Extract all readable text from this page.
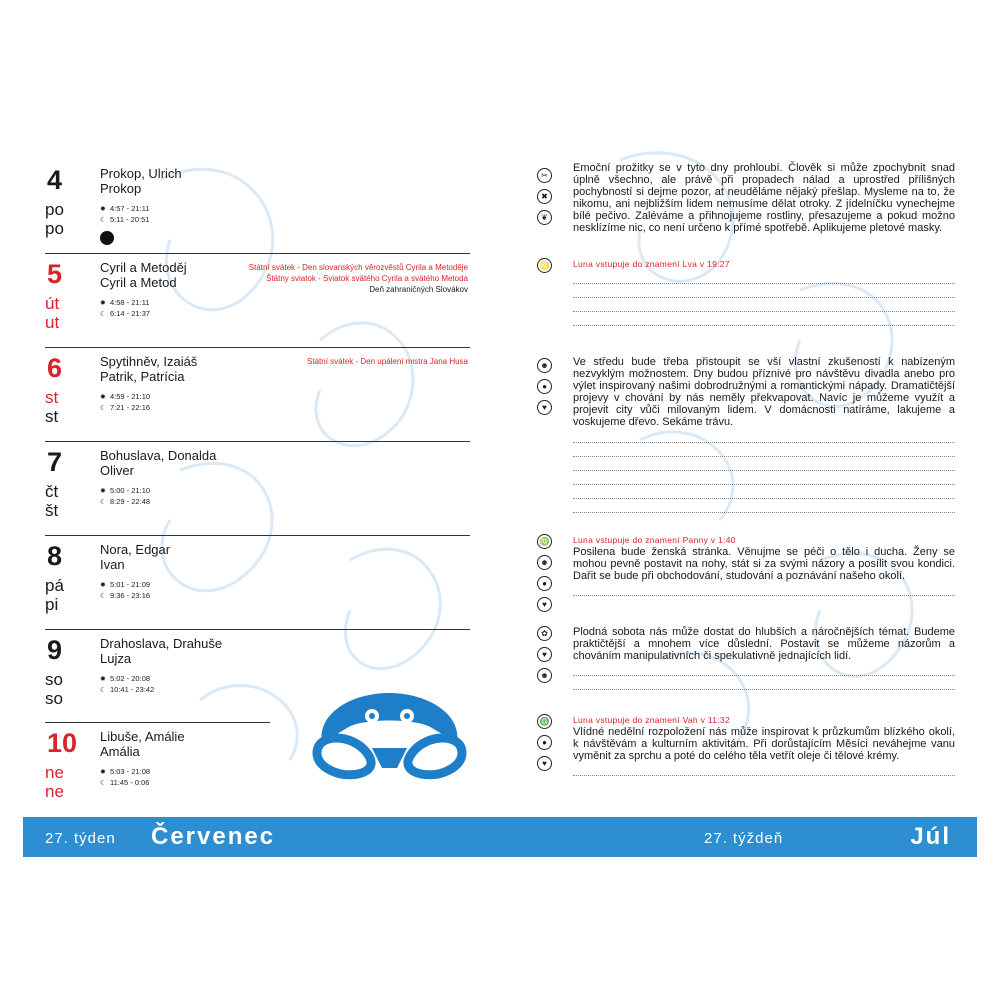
4
po
po
Prokop, Ulrich
Prokop
✹ 4:57 - 21:11
☾ 5:11 - 20:51
5
út
ut
Cyril a Metoděj
Cyril a Metod
✹ 4:58 - 21:11
☾ 6:14 - 21:37
Státní svátek - Den slovanských věrozvěstů Cyrila a Metoděje
Štátny sviatok - Sviatok svätého Cyrila a svätého Metoda
Deň zahraničných Slovákov
6
st
st
Spytihněv, Izaiáš
Patrik, Patrícia
✹ 4:59 - 21:10
☾ 7:21 - 22:16
Státní svátek - Den upálení mistra Jana Husa
7
čt
št
Bohuslava, Donalda
Oliver
✹ 5:00 - 21:10
☾ 8:29 - 22:48
8
pá
pi
Nora, Edgar
Ivan
✹ 5:01 - 21:09
☾ 9:36 - 23:16
9
so
so
Drahoslava, Drahuše
Lujza
✹ 5:02 - 20:08
☾ 10:41 - 23:42
10
ne
ne
Libuše, Amálie
Amália
✹ 5:03 - 21:08
☾ 11:45 - 0:06
✂
✖
❦
Emoční prožitky se v tyto dny prohloubí. Člověk si může zpochybnit snad úplně všechno, ale právě při propadech nálad a uprostřed přílišných pochybností si dejme pozor, at neuděláme nějaký přešlap. Mysleme na to, že nikomu, ani nejbližším lidem nemusíme dělat otroky. Z jídelníčku vynechejme bílé pečivo. Zaléváme a přihnojujeme rostliny, přesazujeme a pokud možno nesklízíme nic, co není určeno k přímé spotřebě. Aplikujeme pletové masky.
♌	Luna vstupuje do znamení Lva v 19:27
☻
●
♥
Ve středu bude třeba přistoupit se vší vlastní zkušeností k nabízeným nezvyklým možnostem. Dny budou příznivé pro návštěvu divadla anebo pro výlet inspirovaný našimi dobrodružnými a romantickými nápady. Dramatičtější projevy v chování by nás neměly překvapovat. Navíc je můžeme využít a projevit city vůči milovaným lidem. V domácnosti natíráme, lakujeme a voskujeme dřevo. Sekáme trávu.
♍
☻
●
♥
Luna vstupuje do znamení Panny v 1:40
Posilena bude ženská stránka. Věnujme se péči o tělo i ducha. Ženy se mohou pevně postavit na nohy, stát si za svými názory a posílit svou kondici. Dařit se bude při obchodování, studování a poznávání našeho okolí.
✿
♥
☻
Plodná sobota nás může dostat do hlubších a náročnějších témat. Budeme praktičtější a mnohem více důslední. Postavit se můžeme názorům a chováním manipulativních či spekulativně jednajících lidí.
♎
●
♥
Luna vstupuje do znamení Vah v 11:32
Vlídné nedělní rozpoložení nás může inspirovat k průzkumům blízkého okolí, k návštěvám a kulturním aktivitám. Při dorůstajícím Měsíci neváhejme vanu vyměnit za sprchu a poté do celého těla vetřít oleje či tělové krémy.
27. týden Červenec	27. týždeň	Júl
